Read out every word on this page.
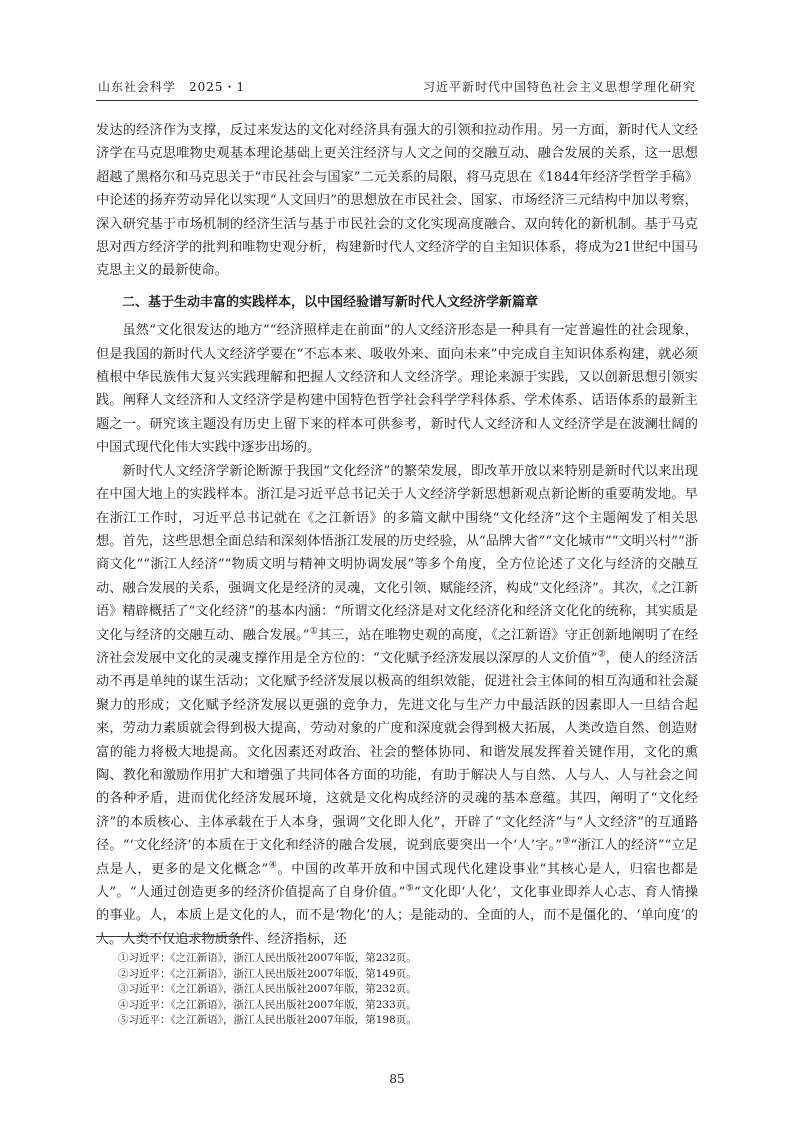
山东社会科学　2025・1	习近平新时代中国特色社会主义思想学理化研究

发达的经济作为支撑，反过来发达的文化对经济具有强大的引领和拉动作用。另一方面，新时代人文经济学在马克思唯物史观基本理论基础上更关注经济与人文之间的交融互动、融合发展的关系，这一思想超越了黑格尔和马克思关于“市民社会与国家”二元关系的局限，将马克思在《1844年经济学哲学手稿》中论述的扬弃劳动异化以实现“人文回归”的思想放在市民社会、国家、市场经济三元结构中加以考察，深入研究基于市场机制的经济生活与基于市民社会的文化实现高度融合、双向转化的新机制。基于马克思对西方经济学的批判和唯物史观分析，构建新时代人文经济学的自主知识体系，将成为21世纪中国马克思主义的最新使命。

二、基于生动丰富的实践样本，以中国经验谱写新时代人文经济学新篇章

虽然“文化很发达的地方”“经济照样走在前面”的人文经济形态是一种具有一定普遍性的社会现象，但是我国的新时代人文经济学要在“不忘本来、吸收外来、面向未来”中完成自主知识体系构建，就必须植根中华民族伟大复兴实践理解和把握人文经济和人文经济学。理论来源于实践，又以创新思想引领实践。阐释人文经济和人文经济学是构建中国特色哲学社会科学学科体系、学术体系、话语体系的最新主题之一。研究该主题没有历史上留下来的样本可供参考，新时代人文经济和人文经济学是在波澜壮阔的中国式现代化伟大实践中逐步出场的。

新时代人文经济学新论断源于我国“文化经济”的繁荣发展，即改革开放以来特别是新时代以来出现在中国大地上的实践样本。浙江是习近平总书记关于人文经济学新思想新观点新论断的重要萌发地。早在浙江工作时，习近平总书记就在《之江新语》的多篇文献中围绕“文化经济”这个主题阐发了相关思想。首先，这些思想全面总结和深刻体悟浙江发展的历史经验，从“品牌大省”“文化城市”“文明兴村”“浙商文化”“浙江人经济”“物质文明与精神文明协调发展”等多个角度，全方位论述了文化与经济的交融互动、融合发展的关系，强调文化是经济的灵魂，文化引领、赋能经济，构成“文化经济”。其次，《之江新语》精辟概括了“文化经济”的基本内涵：“所谓文化经济是对文化经济化和经济文化化的统称，其实质是文化与经济的交融互动、融合发展。”①其三，站在唯物史观的高度，《之江新语》守正创新地阐明了在经济社会发展中文化的灵魂支撑作用是全方位的：“文化赋予经济发展以深厚的人文价值”②，使人的经济活动不再是单纯的谋生活动；文化赋予经济发展以极高的组织效能，促进社会主体间的相互沟通和社会凝聚力的形成；文化赋予经济发展以更强的竞争力，先进文化与生产力中最活跃的因素即人一旦结合起来，劳动力素质就会得到极大提高，劳动对象的广度和深度就会得到极大拓展，人类改造自然、创造财富的能力将极大地提高。文化因素还对政治、社会的整体协同、和谐发展发挥着关键作用，文化的熏陶、教化和激励作用扩大和增强了共同体各方面的功能，有助于解决人与自然、人与人、人与社会之间的各种矛盾，进而优化经济发展环境，这就是文化构成经济的灵魂的基本意蕴。其四，阐明了“文化经济”的本质核心、主体承载在于人本身，强调“文化即人化”，开辟了“文化经济”与“人文经济”的互通路径。“‘文化经济’的本质在于文化和经济的融合发展，说到底要突出一个‘人’字。”③“浙江人的经济”“立足点是人，更多的是文化概念”④。中国的改革开放和中国式现代化建设事业“其核心是人，归宿也都是人”。“人通过创造更多的经济价值提高了自身价值。”⑤“文化即‘人化’，文化事业即养人心志、育人情操的事业。人，本质上是文化的人，而不是‘物化’的人；是能动的、全面的人，而不是僵化的、‘单向度’的人。人类不仅追求物质条件、经济指标，还

①习近平：《之江新语》，浙江人民出版社2007年版，第232页。
②习近平：《之江新语》，浙江人民出版社2007年版，第149页。
③习近平：《之江新语》，浙江人民出版社2007年版，第232页。
④习近平：《之江新语》，浙江人民出版社2007年版，第233页。
⑤习近平：《之江新语》，浙江人民出版社2007年版，第198页。
85
